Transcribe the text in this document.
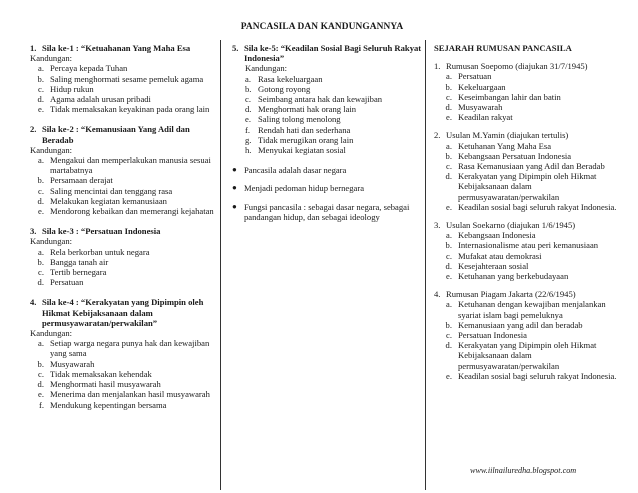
PANCASILA DAN KANDUNGANNYA
1. Sila ke-1 : “Ketuahanan Yang Maha Esa
Kandungan:
a. Percaya kepada Tuhan
b. Saling menghormati sesame pemeluk agama
c. Hidup rukun
d. Agama adalah urusan pribadi
e. Tidak memaksakan keyakinan pada orang lain
2. Sila ke-2 : “Kemanusiaan Yang Adil dan Beradab
Kandungan:
a. Mengakui dan memperlakukan manusia sesuai martabatnya
b. Persamaan derajat
c. Saling mencintai dan tenggang rasa
d. Melakukan kegiatan kemanusiaan
e. Mendorong kebaikan dan memerangi kejahatan
3. Sila ke-3 : “Persatuan Indonesia
Kandungan:
a. Rela berkorban untuk negara
b. Bangga tanah air
c. Tertib bernegara
d. Persatuan
4. Sila ke-4 : “Kerakyatan yang Dipimpin oleh Hikmat Kebijaksanaan dalam permusyawaratan/perwakilan”
Kandungan:
a. Setiap warga negara punya hak dan kewajiban yang sama
b. Musyawarah
c. Tidak memaksakan kehendak
d. Menghormati hasil musyawarah
e. Menerima dan menjalankan hasil musyawarah
f. Mendukung kepentingan bersama
5. Sila ke-5: “Keadilan Sosial Bagi Seluruh Rakyat Indonesia”
Kandungan:
a. Rasa kekeluargaan
b. Gotong royong
c. Seimbang antara hak dan kewajiban
d. Menghormati hak orang lain
e. Saling tolong menolong
f. Rendah hati dan sederhana
g. Tidak merugikan orang lain
h. Menyukai kegiatan sosial
● Pancasila adalah dasar negara
● Menjadi pedoman hidup bernegara
● Fungsi pancasila : sebagai dasar negara, sebagai pandangan hidup, dan sebagai ideology
SEJARAH RUMUSAN PANCASILA
1. Rumusan Soepomo (diajukan 31/7/1945)
a. Persatuan
b. Kekeluargaan
c. Keseimbangan lahir dan batin
d. Musyawarah
e. Keadilan rakyat
2. Usulan M.Yamin (diajukan tertulis)
a. Ketuhanan Yang Maha Esa
b. Kebangsaan Persatuan Indonesia
c. Rasa Kemanusiaan yang Adil dan Beradab
d. Kerakyatan yang Dipimpin oleh Hikmat Kebijaksanaan dalam permusyawaratan/perwakilan
e. Keadilan sosial bagi seluruh rakyat Indonesia.
3. Usulan Soekarno (diajukan 1/6/1945)
a. Kebangsaan Indonesia
b. Internasionalisme atau peri kemanusiaan
c. Mufakat atau demokrasi
d. Kesejahteraan sosial
e. Ketuhanan yang berkebudayaan
4. Rumusan Piagam Jakarta (22/6/1945)
a. Ketuhanan dengan kewajiban menjalankan syariat islam bagi pemeluknya
b. Kemanusiaan yang adil dan beradab
c. Persatuan Indonesia
d. Kerakyatan yang Dipimpin oleh Hikmat Kebijaksanaan dalam permusyawaratan/perwakilan
e. Keadilan sosial bagi seluruh rakyat Indonesia.
www.iilnailuredha.blogspot.com
